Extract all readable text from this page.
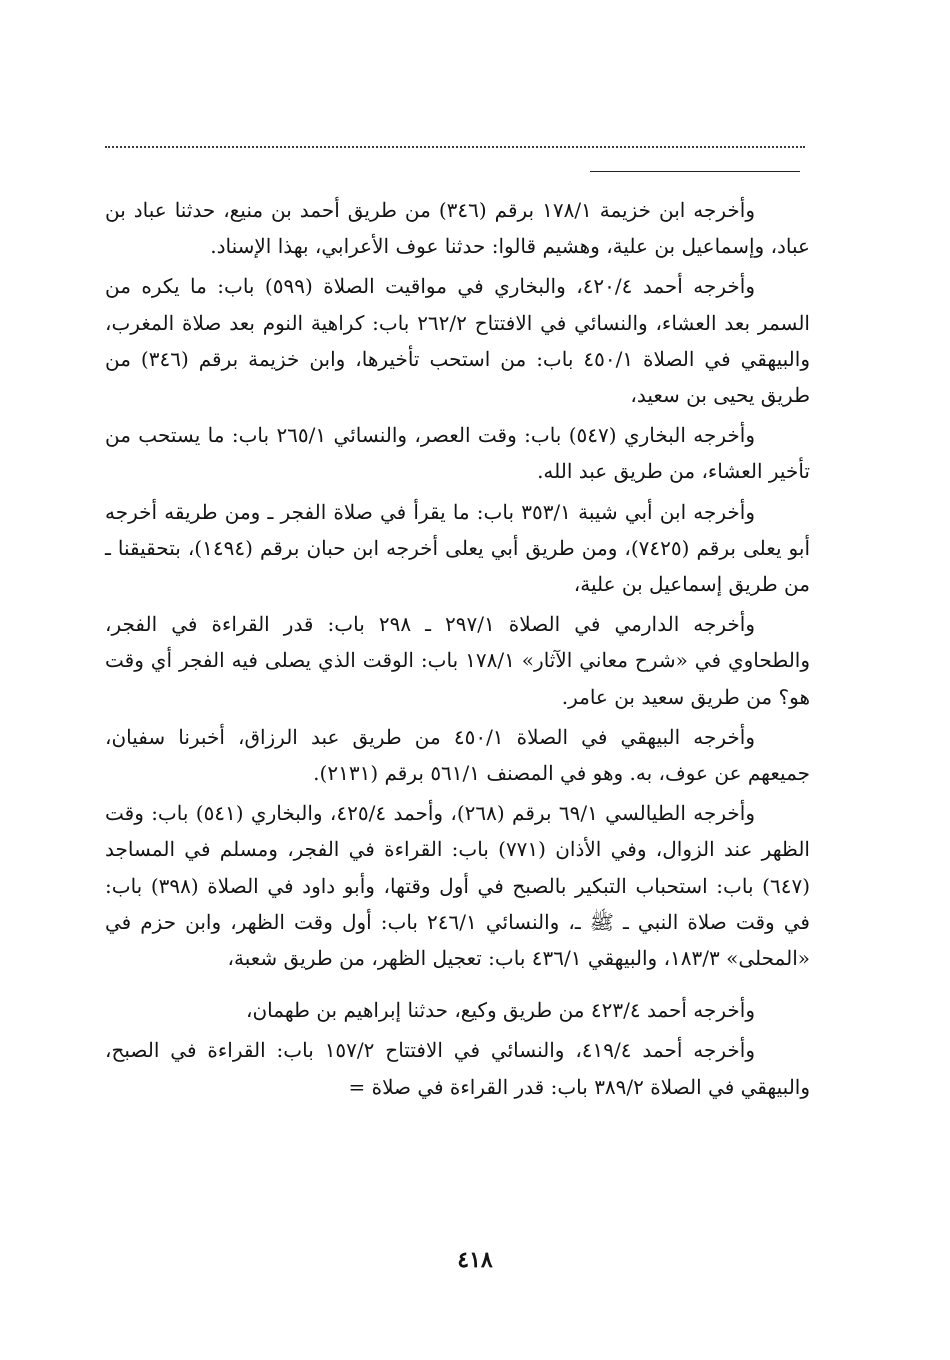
وأخرجه ابن خزيمة ١٧٨/١ برقم (٣٤٦) من طريق أحمد بن منيع، حدثنا عباد بن عباد، وإسماعيل بن علية، وهشيم قالوا: حدثنا عوف الأعرابي، بهذا الإسناد.

وأخرجه أحمد ٤٢٠/٤، والبخاري في مواقيت الصلاة (٥٩٩) باب: ما يكره من السمر بعد العشاء، والنسائي في الافتتاح ٢٦٢/٢ باب: كراهية النوم بعد صلاة المغرب، والبيهقي في الصلاة ٤٥٠/١ باب: من استحب تأخيرها، وابن خزيمة برقم (٣٤٦) من طريق يحيى بن سعيد،

وأخرجه البخاري (٥٤٧) باب: وقت العصر، والنسائي ٢٦٥/١ باب: ما يستحب من تأخير العشاء، من طريق عبد الله.

وأخرجه ابن أبي شيبة ٣٥٣/١ باب: ما يقرأ في صلاة الفجر ـ ومن طريقه أخرجه أبو يعلى برقم (٧٤٢٥)، ومن طريق أبي يعلى أخرجه ابن حبان برقم (١٤٩٤)، بتحقيقنا ـ من طريق إسماعيل بن علية،

وأخرجه الدارمي في الصلاة ٢٩٧/١ ـ ٢٩٨ باب: قدر القراءة في الفجر، والطحاوي في «شرح معاني الآثار» ١٧٨/١ باب: الوقت الذي يصلى فيه الفجر أي وقت هو؟ من طريق سعيد بن عامر.

وأخرجه البيهقي في الصلاة ٤٥٠/١ من طريق عبد الرزاق، أخبرنا سفيان، جميعهم عن عوف، به. وهو في المصنف ٥٦١/١ برقم (٢١٣١).

وأخرجه الطيالسي ٦٩/١ برقم (٢٦٨)، وأحمد ٤٢٥/٤، والبخاري (٥٤١) باب: وقت الظهر عند الزوال، وفي الأذان (٧٧١) باب: القراءة في الفجر، ومسلم في المساجد (٦٤٧) باب: استحباب التبكير بالصبح في أول وقتها، وأبو داود في الصلاة (٣٩٨) باب: في وقت صلاة النبي ـ ﷺ ـ، والنسائي ٢٤٦/١ باب: أول وقت الظهر، وابن حزم في «المحلى» ١٨٣/٣، والبيهقي ٤٣٦/١ باب: تعجيل الظهر، من طريق شعبة،

وأخرجه أحمد ٤٢٣/٤ من طريق وكيع، حدثنا إبراهيم بن طهمان،

وأخرجه أحمد ٤١٩/٤، والنسائي في الافتتاح ١٥٧/٢ باب: القراءة في الصبح، والبيهقي في الصلاة ٣٨٩/٢ باب: قدر القراءة في صلاة =

٤١٨
